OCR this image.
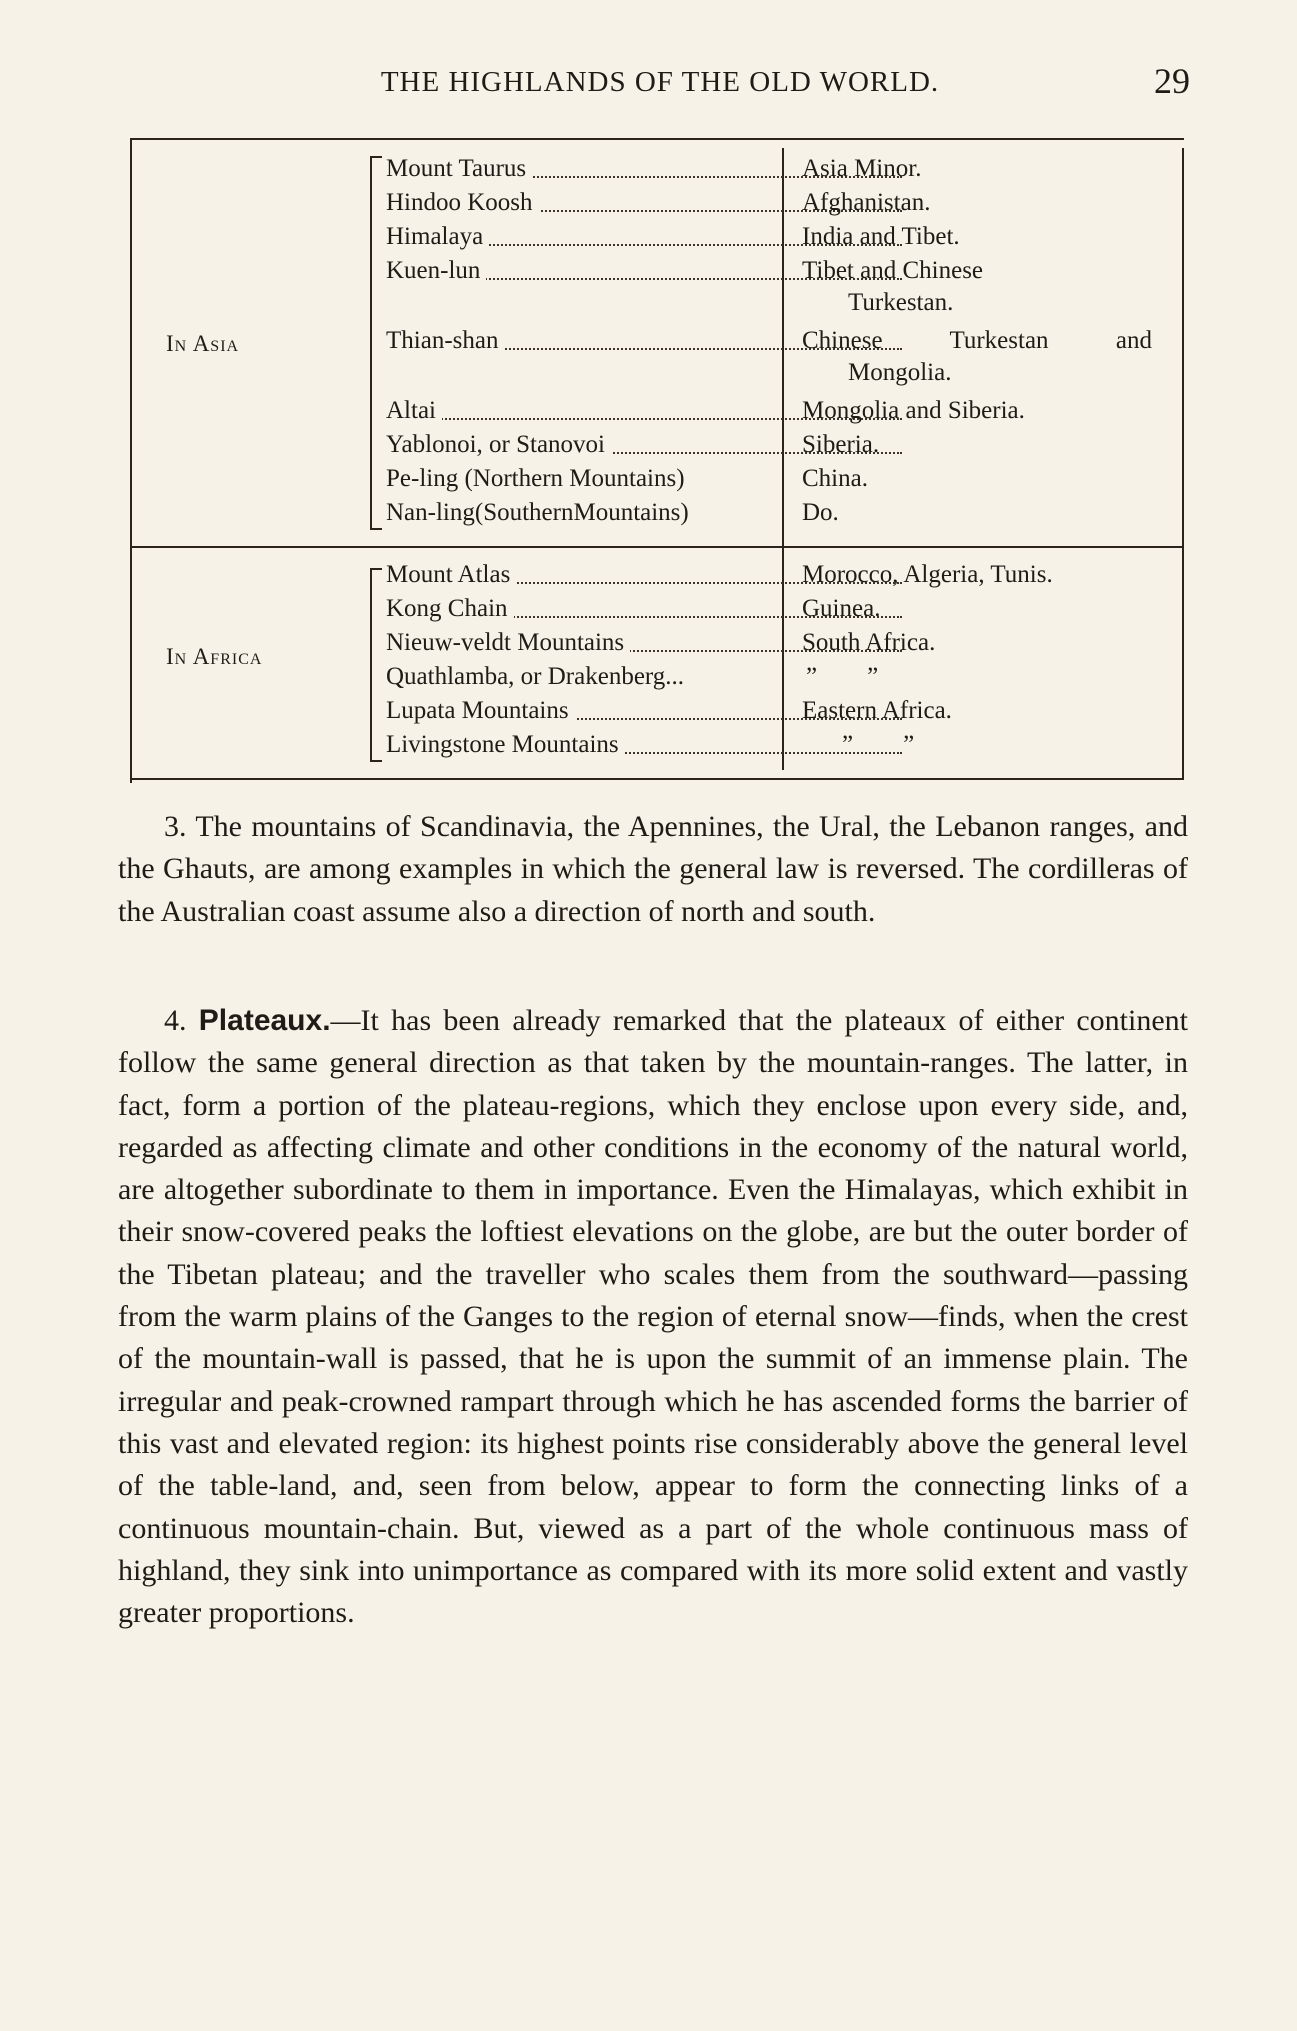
THE HIGHLANDS OF THE OLD WORLD.	29
In Asia
Mount Taurus
Hindoo Koosh
Himalaya
Kuen-lun
Thian-shan
Altai
Yablonoi, or Stanovoi
Pe-ling (Northern Mountains)
Nan-ling(SouthernMountains)
Asia Minor.
Afghanistan.
India and Tibet.
Tibet and Chinese
Turkestan.
Chinese Turkestan and
Mongolia.
Mongolia and Siberia.
Siberia.
China.
Do.
In Africa
Mount Atlas
Kong Chain
Nieuw-veldt Mountains
Quathlamba, or Drakenberg...
Lupata Mountains
Livingstone Mountains
Morocco, Algeria, Tunis.
Guinea.
South Africa.
”        ”
Eastern Africa.
”        ”

3. The mountains of Scandinavia, the Apennines, the Ural, the Lebanon ranges, and the Ghauts, are among examples in which the general law is reversed. The cordilleras of the Australian coast assume also a direction of north and south.

4. Plateaux.—It has been already remarked that the plateaux of either continent follow the same general direction as that taken by the mountain-ranges. The latter, in fact, form a portion of the plateau-regions, which they enclose upon every side, and, regarded as affecting climate and other conditions in the economy of the natural world, are altogether subordinate to them in importance. Even the Himalayas, which exhibit in their snow-covered peaks the loftiest elevations on the globe, are but the outer border of the Tibetan plateau; and the traveller who scales them from the southward—passing from the warm plains of the Ganges to the region of eternal snow—finds, when the crest of the mountain-wall is passed, that he is upon the summit of an immense plain. The irregular and peak-crowned rampart through which he has ascended forms the barrier of this vast and elevated region: its highest points rise considerably above the general level of the table-land, and, seen from below, appear to form the connecting links of a continuous mountain-chain. But, viewed as a part of the whole continuous mass of highland, they sink into unimportance as compared with its more solid extent and vastly greater proportions.
